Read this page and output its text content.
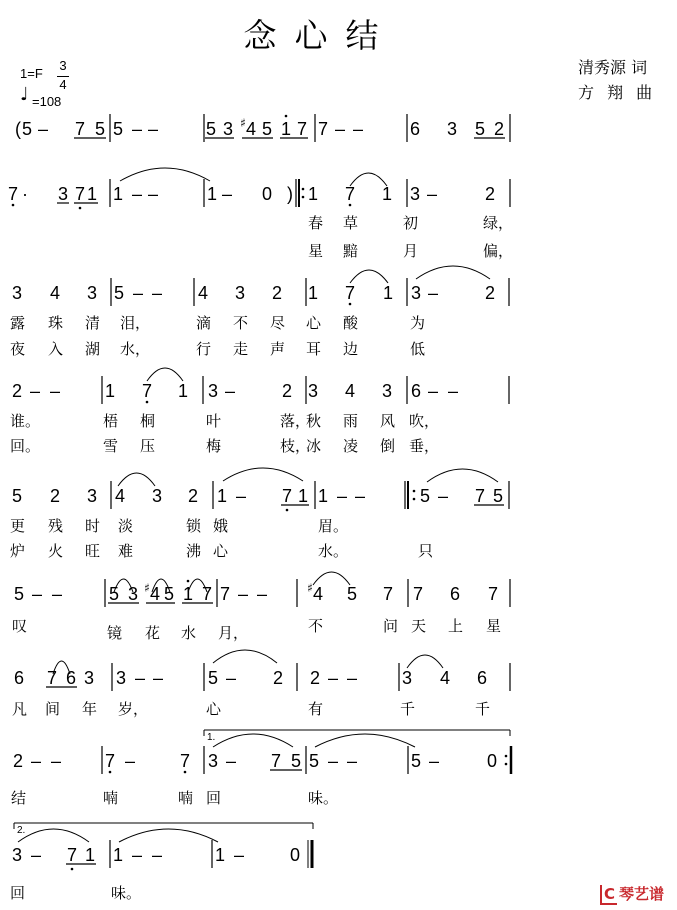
念心结
1=F
3
4
♩ =108
清秀源 词
方 翔 曲
C 琴艺谱
( 5 – 7 5 5 – –	5 3 4
♯ 5 1 7 7 – –	6 3 5 2
7 · 3 7 1 1 – –	1 – 0 ) 1 7 1 3 –	2
春 草	初	绿，
星 黯	月	偏，
3 4 3 5 – – 4 3 2 1 7 1 3 –	2
露 珠 清 泪，	滴 不 尽 心 酸	为
夜 入 湖 水，	行 走 声 耳 边	低
2 – – 1 7 1 3 –	2 3 4 3 6 – –
谁。	梧 桐	叶	落，
秋 雨 风 吹，
回。	雪 压	梅	枝，
冰 凌 倒 垂，
5 2 3 4 3 2 1 – 7 1 1 – –	5 – 7 5
更 残 时 淡	锁 娥	眉。
炉 火 旺 难	沸 心	水。	只
5 – –	5 3 4
♯ 5 1 7 7 – –	4
♯ 5 7 7 6 7
叹	镜 花 水 月，	不	问 天 上 星
6 7 6 3 3 – – 5 – 2 2 – – 3 4 6
凡 间 年 岁，	心	有	千	千
2 – – 7 – 7 3 – 7 5 5 – –	5 –	0
结	喃	喃 回	味。
3 – 7 1 1 – –	1 –	0
回	味。
1.
2.
